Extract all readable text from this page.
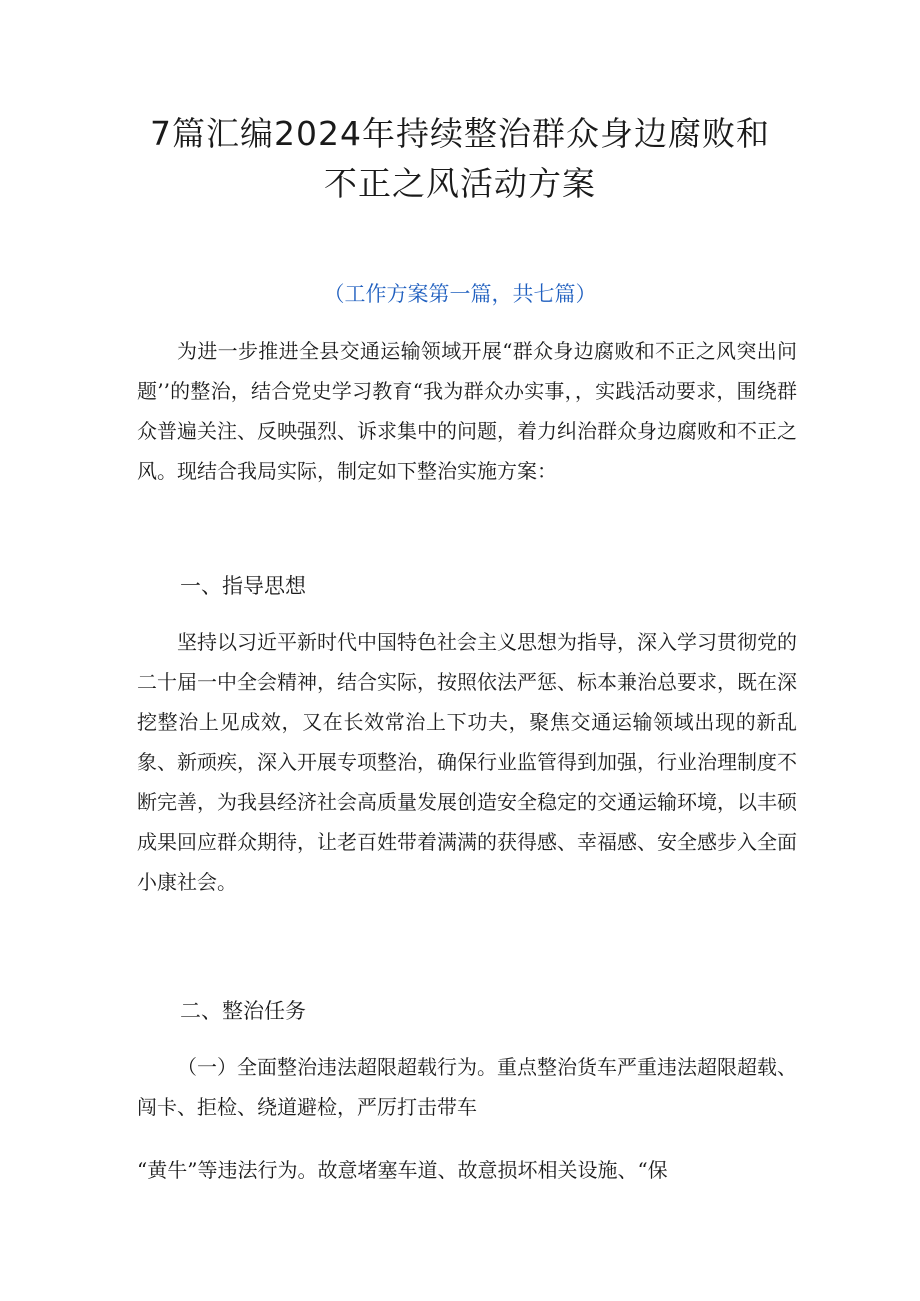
7篇汇编2024年持续整治群众身边腐败和
不正之风活动方案
（工作方案第一篇，共七篇）

为进一步推进全县交通运输领域开展“群众身边腐败和不正之风突出问题’’的整治，结合党史学习教育“我为群众办实事，，实践活动要求，围绕群众普遍关注、反映强烈、诉求集中的问题，着力纠治群众身边腐败和不正之风。现结合我局实际，制定如下整治实施方案：

一、指导思想

坚持以习近平新时代中国特色社会主义思想为指导，深入学习贯彻党的二十届一中全会精神，结合实际，按照依法严惩、标本兼治总要求，既在深挖整治上见成效，又在长效常治上下功夫，聚焦交通运输领域出现的新乱象、新顽疾，深入开展专项整治，确保行业监管得到加强，行业治理制度不断完善，为我县经济社会高质量发展创造安全稳定的交通运输环境，以丰硕成果回应群众期待，让老百姓带着满满的获得感、幸福感、安全感步入全面小康社会。

二、整治任务

（一）全面整治违法超限超载行为。重点整治货车严重违法超限超载、闯卡、拒检、绕道避检，严厉打击带车

“黄牛”等违法行为。故意堵塞车道、故意损坏相关设施、“保
